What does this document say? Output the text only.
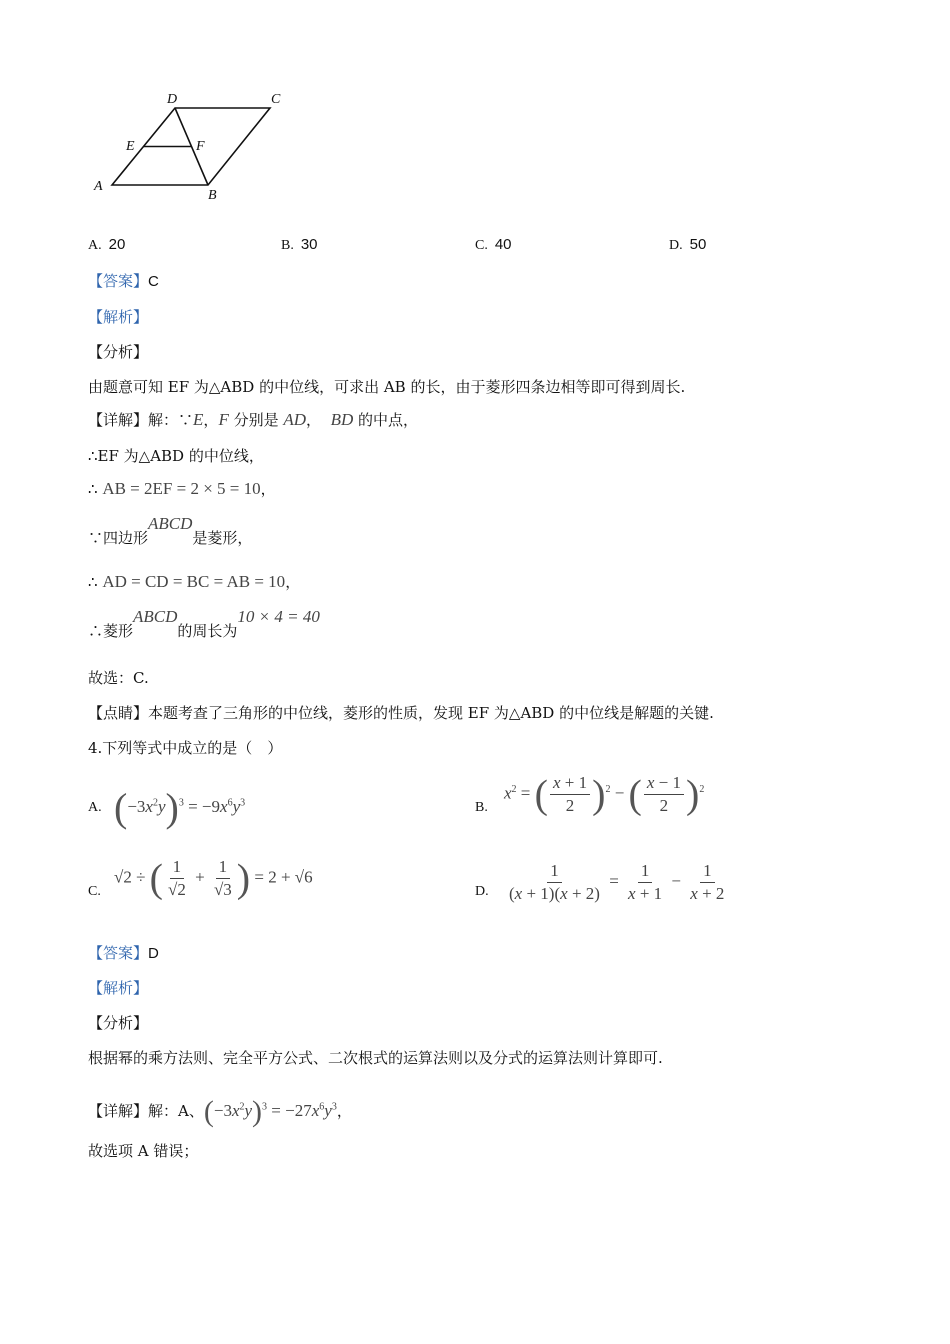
D	C
E	F
A
B
A. 20	B. 30	C. 40	D. 50
【答案】C
【解析】
【分析】
由题意可知 EF 为△ABD 的中位线，可求出 AB 的长，由于菱形四条边相等即可得到周长.
【详解】解：∵E，F 分别是 AD， BD 的中点，
∴EF 为△ABD 的中位线，
∴ AB = 2EF = 2 × 5 = 10，
∵四边形ABCD是菱形，
∴ AD = CD = BC = AB = 10，
∴菱形ABCD的周长为10 × 4 = 40
故选：C.
【点睛】本题考查了三角形的中位线，菱形的性质，发现 EF 为△ABD 的中位线是解题的关键.
4.下列等式中成立的是（　）
A. $(-3x^2y)^3 = -9x^6y^3$	B.
$x^2$ = ( $\frac{x + 1}{2} )^2$ − ( $\frac{x - 1}{2} )^2$
C.
√2 ÷ ( $\frac{1}{√2} + \frac{1}{√3}$ ) = 2 + √6
D. $\frac{1}{(x + 1)(x + 2)} = \frac{1}{x + 1} - \frac{1}{x + 2}$
【答案】D
【解析】
【分析】
根据幂的乘方法则、完全平方公式、二次根式的运算法则以及分式的运算法则计算即可.
【详解】解：A、$(-3x^2y)^3 = -27x^6y^3$，
故选项 A 错误；
